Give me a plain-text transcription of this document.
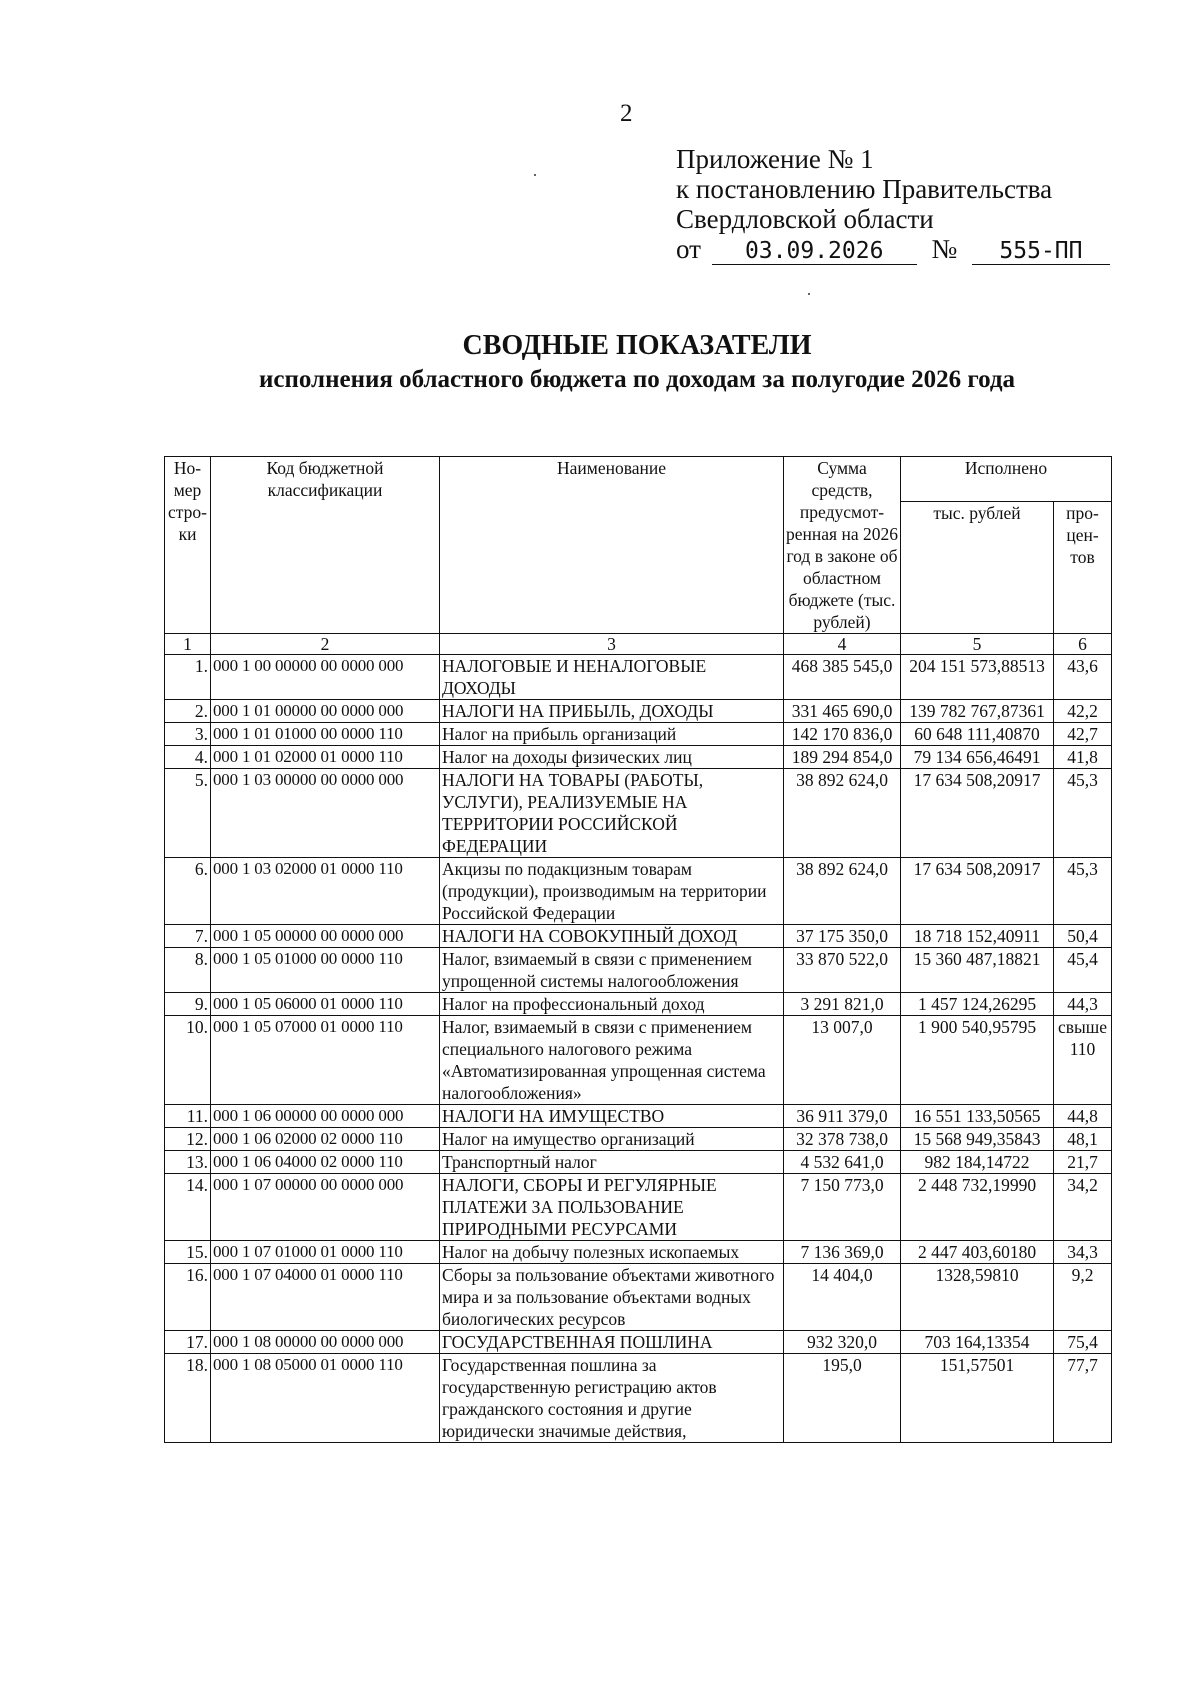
2
Приложение № 1
к постановлению Правительства
Свердловской области
от 03.09.2026 № 555-ПП
СВОДНЫЕ ПОКАЗАТЕЛИ
исполнения областного бюджета по доходам за полугодие 2026 года
Но-мер стро-ки	Код бюджетной классификации	Наименование	Сумма средств, предусмот-ренная на 2026 год в законе об областном бюджете (тыс. рублей)	Исполнено	
				тыс. рублей	про-цен-тов
1	2	3	4	5	6
1.	000 1 00 00000 00 0000 000	НАЛОГОВЫЕ И НЕНАЛОГОВЫЕ ДОХОДЫ	468 385 545,0	204 151 573,88513	43,6
2.	000 1 01 00000 00 0000 000	НАЛОГИ НА ПРИБЫЛЬ, ДОХОДЫ	331 465 690,0	139 782 767,87361	42,2
3.	000 1 01 01000 00 0000 110	Налог на прибыль организаций	142 170 836,0	60 648 111,40870	42,7
4.	000 1 01 02000 01 0000 110	Налог на доходы физических лиц	189 294 854,0	79 134 656,46491	41,8
5.	000 1 03 00000 00 0000 000	НАЛОГИ НА ТОВАРЫ (РАБОТЫ, УСЛУГИ), РЕАЛИЗУЕМЫЕ НА ТЕРРИТОРИИ РОССИЙСКОЙ ФЕДЕРАЦИИ	38 892 624,0	17 634 508,20917	45,3
6.	000 1 03 02000 01 0000 110	Акцизы по подакцизным товарам (продукции), производимым на территории Российской Федерации	38 892 624,0	17 634 508,20917	45,3
7.	000 1 05 00000 00 0000 000	НАЛОГИ НА СОВОКУПНЫЙ ДОХОД	37 175 350,0	18 718 152,40911	50,4
8.	000 1 05 01000 00 0000 110	Налог, взимаемый в связи с применением упрощенной системы налогообложения	33 870 522,0	15 360 487,18821	45,4
9.	000 1 05 06000 01 0000 110	Налог на профессиональный доход	3 291 821,0	1 457 124,26295	44,3
10.	000 1 05 07000 01 0000 110	Налог, взимаемый в связи с применением специального налогового режима «Автоматизированная упрощенная система налогообложения»	13 007,0	1 900 540,95795	свыше 110
11.	000 1 06 00000 00 0000 000	НАЛОГИ НА ИМУЩЕСТВО	36 911 379,0	16 551 133,50565	44,8
12.	000 1 06 02000 02 0000 110	Налог на имущество организаций	32 378 738,0	15 568 949,35843	48,1
13.	000 1 06 04000 02 0000 110	Транспортный налог	4 532 641,0	982 184,14722	21,7
14.	000 1 07 00000 00 0000 000	НАЛОГИ, СБОРЫ И РЕГУЛЯРНЫЕ ПЛАТЕЖИ ЗА ПОЛЬЗОВАНИЕ ПРИРОДНЫМИ РЕСУРСАМИ	7 150 773,0	2 448 732,19990	34,2
15.	000 1 07 01000 01 0000 110	Налог на добычу полезных ископаемых	7 136 369,0	2 447 403,60180	34,3
16.	000 1 07 04000 01 0000 110	Сборы за пользование объектами животного мира и за пользование объектами водных биологических ресурсов	14 404,0	1328,59810	9,2
17.	000 1 08 00000 00 0000 000	ГОСУДАРСТВЕННАЯ ПОШЛИНА	932 320,0	703 164,13354	75,4
18.	000 1 08 05000 01 0000 110	Государственная пошлина за государственную регистрацию актов гражданского состояния и другие юридически значимые действия,	195,0	151,57501	77,7
